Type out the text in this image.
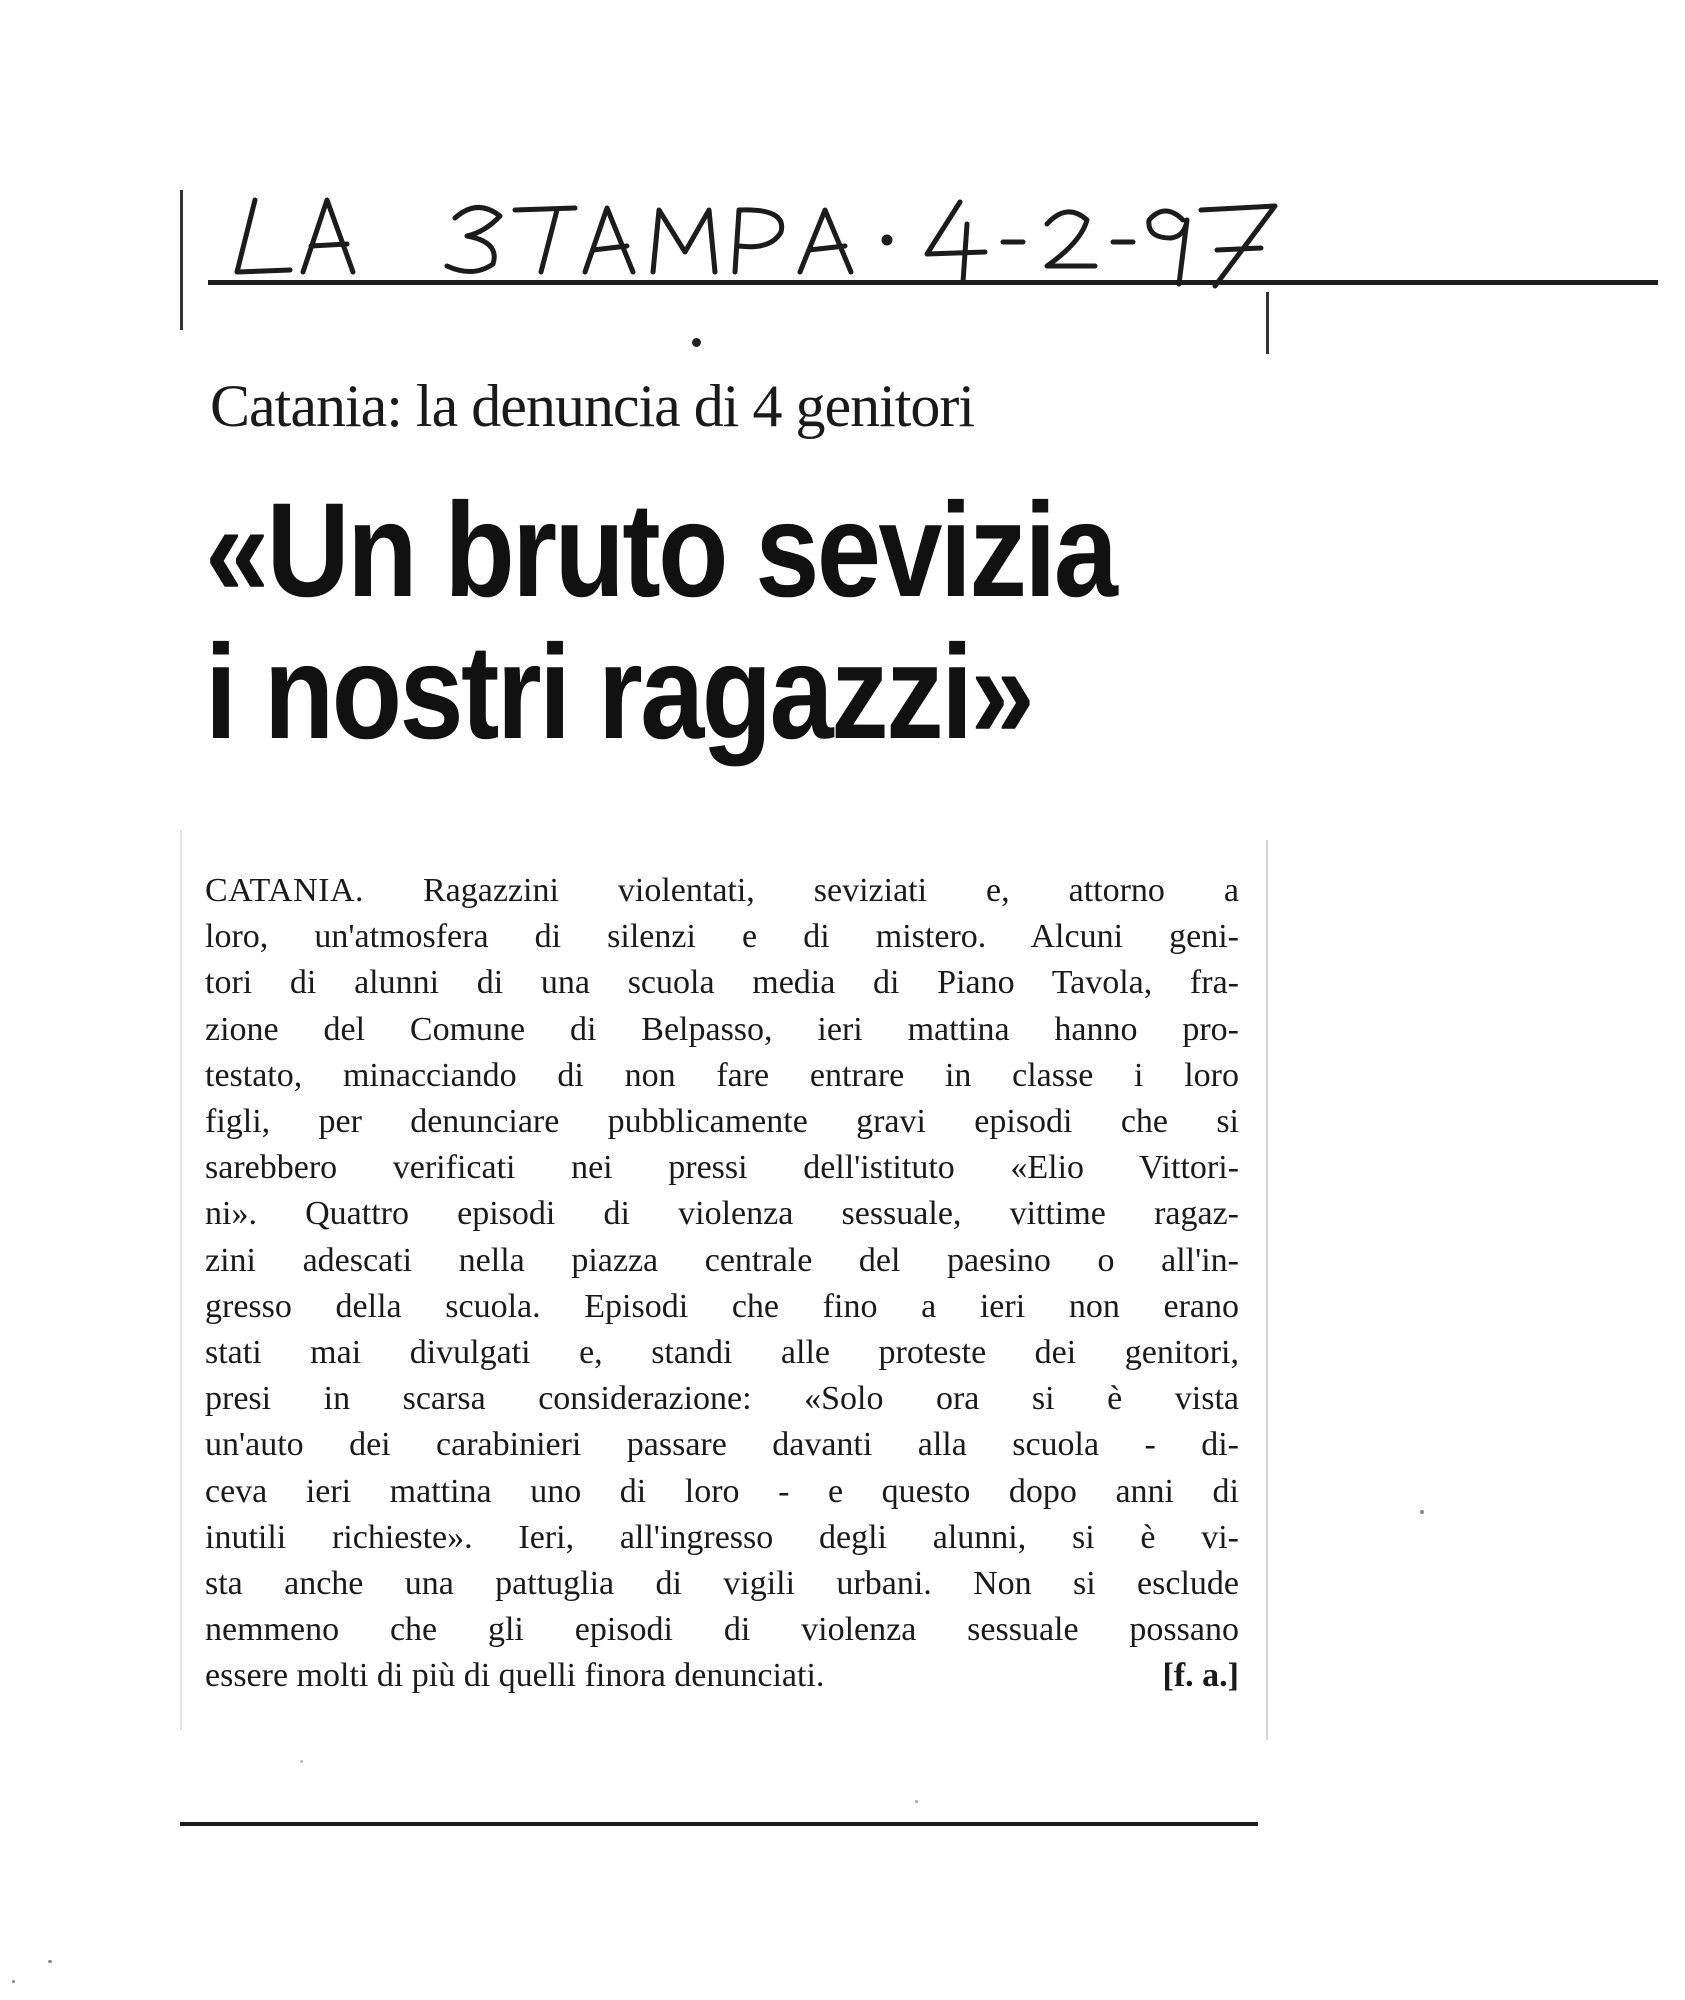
Catania: la denuncia di 4 genitori
«Un bruto sevizia
i nostri ragazzi»
CATANIA. Ragazzini violentati, seviziati e, attorno a
loro, un'atmosfera di silenzi e di mistero. Alcuni geni-
tori di alunni di una scuola media di Piano Tavola, fra-
zione del Comune di Belpasso, ieri mattina hanno pro-
testato, minacciando di non fare entrare in classe i loro
figli, per denunciare pubblicamente gravi episodi che si
sarebbero verificati nei pressi dell'istituto «Elio Vittori-
ni». Quattro episodi di violenza sessuale, vittime ragaz-
zini adescati nella piazza centrale del paesino o all'in-
gresso della scuola. Episodi che fino a ieri non erano
stati mai divulgati e, standi alle proteste dei genitori,
presi in scarsa considerazione: «Solo ora si è vista
un'auto dei carabinieri passare davanti alla scuola - di-
ceva ieri mattina uno di loro - e questo dopo anni di
inutili richieste». Ieri, all'ingresso degli alunni, si è vi-
sta anche una pattuglia di vigili urbani. Non si esclude
nemmeno che gli episodi di violenza sessuale possano
essere molti di più di quelli finora denunciati.	[f. a.]
